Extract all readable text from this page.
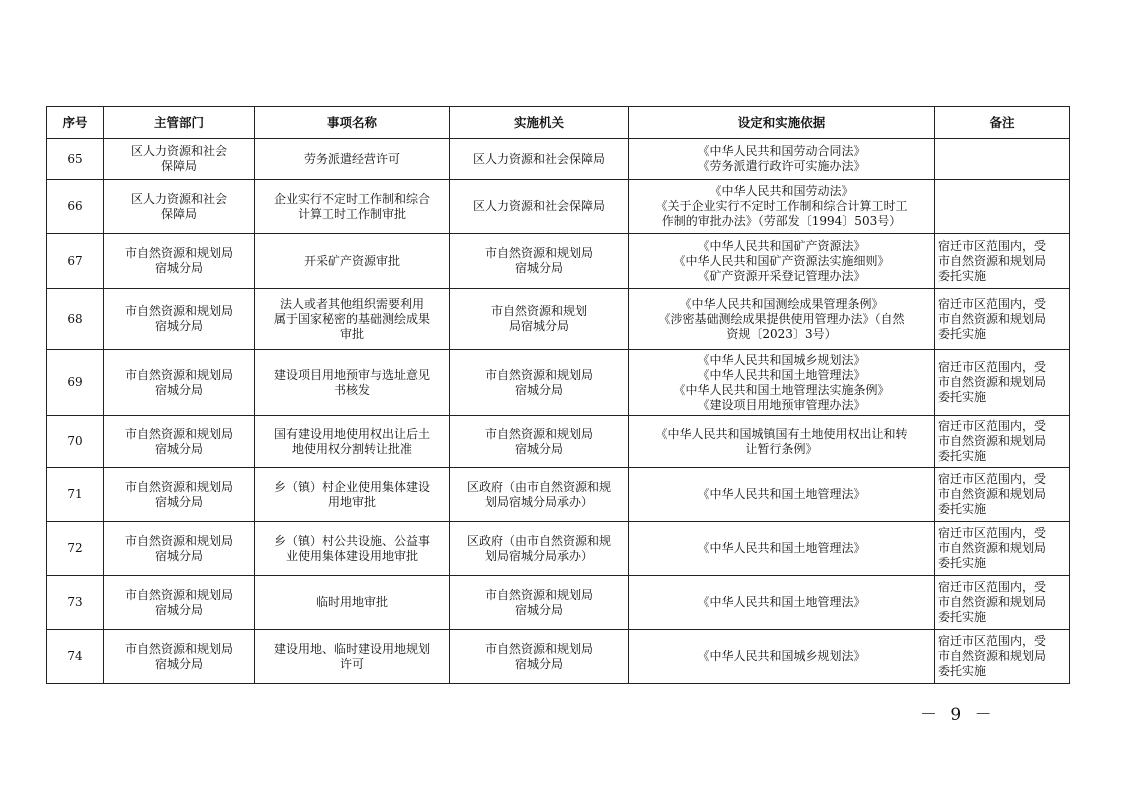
序号	主管部门	事项名称	实施机关	设定和实施依据	备注
65	区人力资源和社会
保障局	劳务派遣经营许可	区人力资源和社会保障局	《中华人民共和国劳动合同法》
《劳务派遣行政许可实施办法》	
66	区人力资源和社会
保障局	企业实行不定时工作制和综合
计算工时工作制审批	区人力资源和社会保障局	《中华人民共和国劳动法》
《关于企业实行不定时工作制和综合计算工时工
作制的审批办法》（劳部发〔1994〕503号）	
67	市自然资源和规划局
宿城分局	开采矿产资源审批	市自然资源和规划局
宿城分局	《中华人民共和国矿产资源法》
《中华人民共和国矿产资源法实施细则》
《矿产资源开采登记管理办法》	宿迁市区范围内，受
市自然资源和规划局
委托实施
68	市自然资源和规划局
宿城分局	法人或者其他组织需要利用
属于国家秘密的基础测绘成果
审批	市自然资源和规划
局宿城分局	《中华人民共和国测绘成果管理条例》
《涉密基础测绘成果提供使用管理办法》（自然
资规〔2023〕3号）	宿迁市区范围内，受
市自然资源和规划局
委托实施
69	市自然资源和规划局
宿城分局	建设项目用地预审与选址意见
书核发	市自然资源和规划局
宿城分局	《中华人民共和国城乡规划法》
《中华人民共和国土地管理法》
《中华人民共和国土地管理法实施条例》
《建设项目用地预审管理办法》	宿迁市区范围内，受
市自然资源和规划局
委托实施
70	市自然资源和规划局
宿城分局	国有建设用地使用权出让后土
地使用权分割转让批准	市自然资源和规划局
宿城分局	《中华人民共和国城镇国有土地使用权出让和转
让暂行条例》	宿迁市区范围内，受
市自然资源和规划局
委托实施
71	市自然资源和规划局
宿城分局	乡（镇）村企业使用集体建设
用地审批	区政府（由市自然资源和规
划局宿城分局承办）	《中华人民共和国土地管理法》	宿迁市区范围内，受
市自然资源和规划局
委托实施
72	市自然资源和规划局
宿城分局	乡（镇）村公共设施、公益事
业使用集体建设用地审批	区政府（由市自然资源和规
划局宿城分局承办）	《中华人民共和国土地管理法》	宿迁市区范围内，受
市自然资源和规划局
委托实施
73	市自然资源和规划局
宿城分局	临时用地审批	市自然资源和规划局
宿城分局	《中华人民共和国土地管理法》	宿迁市区范围内，受
市自然资源和规划局
委托实施
74	市自然资源和规划局
宿城分局	建设用地、临时建设用地规划
许可	市自然资源和规划局
宿城分局	《中华人民共和国城乡规划法》	宿迁市区范围内，受
市自然资源和规划局
委托实施
－ 9 －
